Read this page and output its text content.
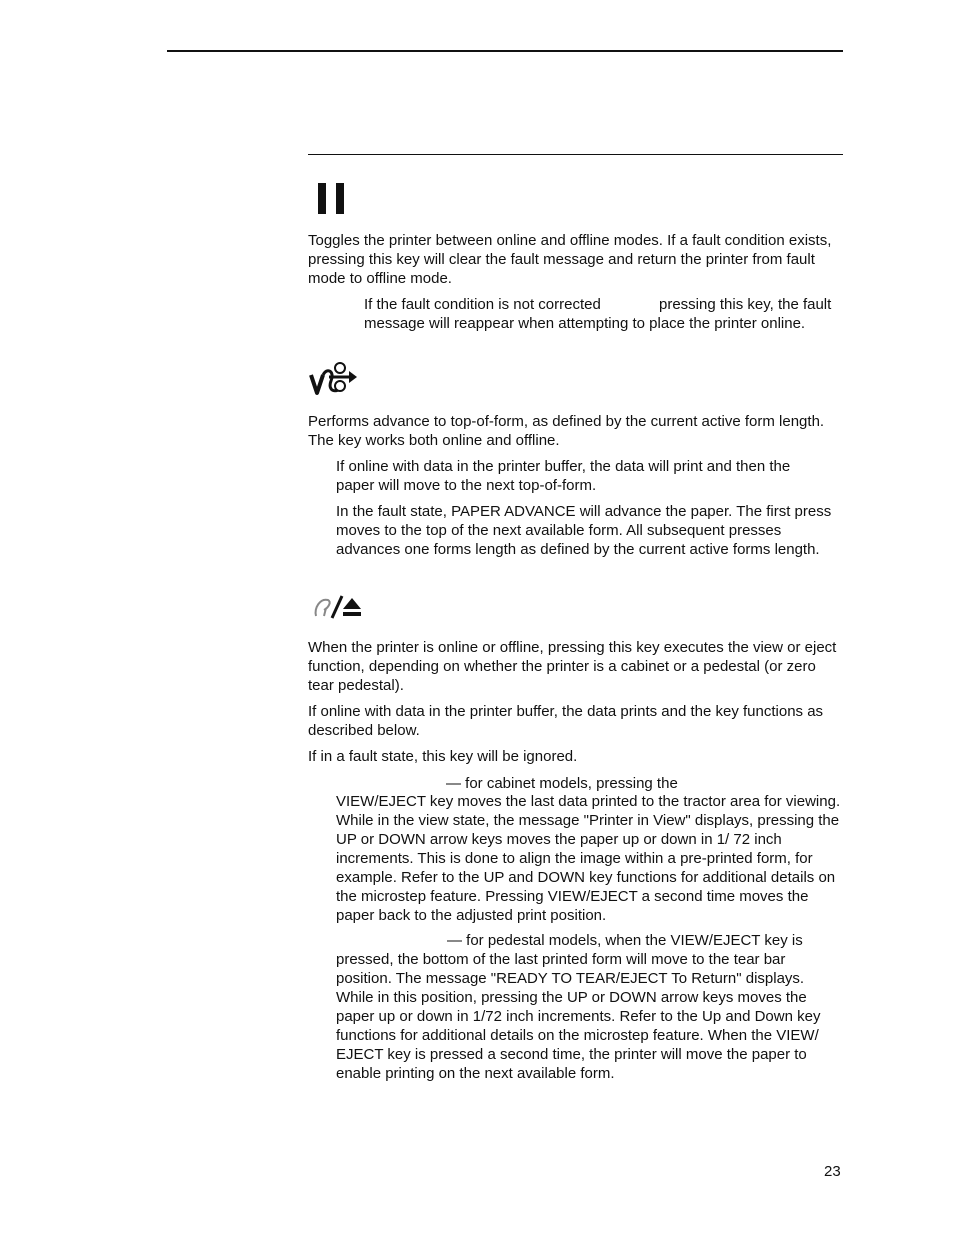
Toggles the printer between online and offline modes. If a fault condition exists, pressing this key will clear the fault message and return the printer from fault mode to offline mode.

If the fault condition is not corrected	pressing this key, the fault message will reappear when attempting to place the printer online.

Performs advance to top-of-form, as defined by the current active form length. The key works both online and offline.

If online with data in the printer buffer, the data will print and then the paper will move to the next top-of-form.

In the fault state, PAPER ADVANCE will advance the paper. The first press moves to the top of the next available form. All subsequent presses advances one forms length as defined by the current active forms length.

When the printer is online or offline, pressing this key executes the view or eject function, depending on whether the printer is a cabinet or a pedestal (or zero tear pedestal).

If online with data in the printer buffer, the data prints and the key functions as described below.

If in a fault state, this key will be ignored.

— for cabinet models, pressing the

VIEW/EJECT key moves the last data printed to the tractor area for viewing. While in the view state, the message "Printer in View" displays, pressing the UP or DOWN arrow keys moves the paper up or down in 1/ 72 inch increments. This is done to align the image within a pre-printed form, for example. Refer to the UP and DOWN key functions for additional details on the microstep feature. Pressing VIEW/EJECT a second time moves the paper back to the adjusted print position.

— for pedestal models, when the VIEW/EJECT key is

pressed, the bottom of the last printed form will move to the tear bar position. The message "READY TO TEAR/EJECT To Return" displays. While in this position, pressing the UP or DOWN arrow keys moves the paper up or down in 1/72 inch increments. Refer to the Up and Down key functions for additional details on the microstep feature. When the VIEW/ EJECT key is pressed a second time, the printer will move the paper to enable printing on the next available form.

23
